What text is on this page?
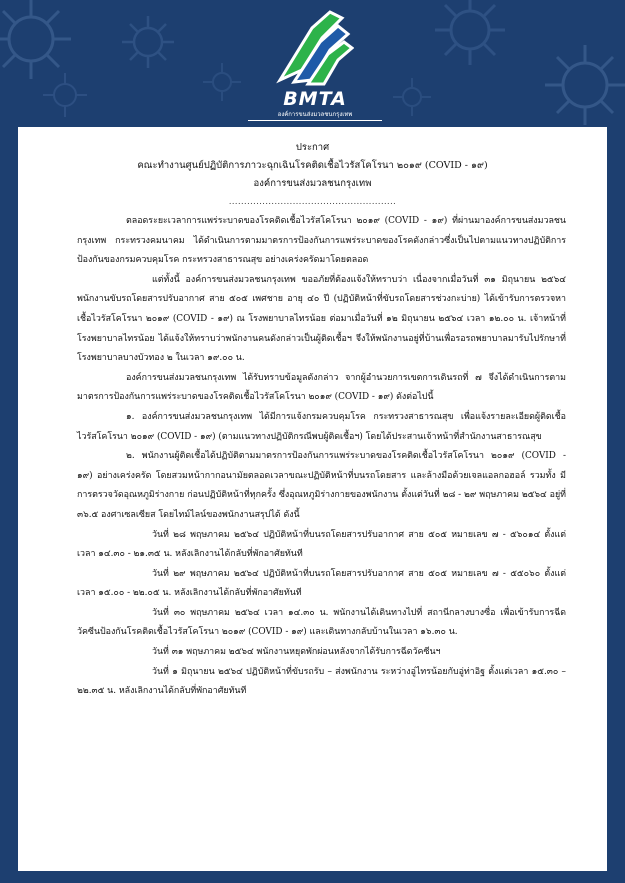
BMTA
องค์การขนส่งมวลชนกรุงเทพ
ประกาศ
คณะทำงานศูนย์ปฏิบัติการภาวะฉุกเฉินโรคติดเชื้อไวรัสโคโรนา ๒๐๑๙ (COVID - ๑๙)
องค์การขนส่งมวลชนกรุงเทพ
.......................................................

ตลอดระยะเวลาการแพร่ระบาดของโรคติดเชื้อไวรัสโคโรนา ๒๐๑๙ (COVID - ๑๙) ที่ผ่านมาองค์การขนส่งมวลชนกรุงเทพ กระทรวงคมนาคม ได้ดำเนินการตามมาตรการป้องกันการแพร่ระบาดของโรคดังกล่าวซึ่งเป็นไปตามแนวทางปฏิบัติการป้องกันของกรมควบคุมโรค กระทรวงสาธารณสุข อย่างเคร่งครัดมาโดยตลอด

แต่ทั้งนี้ องค์การขนส่งมวลชนกรุงเทพ ขออภัยที่ต้องแจ้งให้ทราบว่า เนื่องจากเมื่อวันที่ ๓๑ มิถุนายน ๒๕๖๔ พนักงานขับรถโดยสารปรับอากาศ สาย ๕๐๕ เพศชาย อายุ ๔๐ ปี (ปฏิบัติหน้าที่ขับรถโดยสารช่วงกะบ่าย) ได้เข้ารับการตรวจหาเชื้อไวรัสโคโรนา ๒๐๑๙ (COVID - ๑๙) ณ โรงพยาบาลไทรน้อย ต่อมาเมื่อวันที่ ๑๒ มิถุนายน ๒๕๖๔ เวลา ๑๒.๐๐ น. เจ้าหน้าที่โรงพยาบาลไทรน้อย ได้แจ้งให้ทราบว่าพนักงานคนดังกล่าวเป็นผู้ติดเชื้อฯ จึงให้พนักงานอยู่ที่บ้านเพื่อรอรถพยาบาลมารับไปรักษาที่ โรงพยาบาลบางบัวทอง ๒ ในเวลา ๑๙.๐๐ น.

องค์การขนส่งมวลชนกรุงเทพ ได้รับทราบข้อมูลดังกล่าว จากผู้อำนวยการเขตการเดินรถที่ ๗ จึงได้ดำเนินการตามมาตรการป้องกันการแพร่ระบาดของโรคติดเชื้อไวรัสโคโรนา ๒๐๑๙ (COVID - ๑๙) ดังต่อไปนี้

๑. องค์การขนส่งมวลชนกรุงเทพ ได้มีการแจ้งกรมควบคุมโรค กระทรวงสาธารณสุข เพื่อแจ้งรายละเอียดผู้ติดเชื้อไวรัสโคโรนา ๒๐๑๙ (COVID - ๑๙) (ตามแนวทางปฏิบัติกรณีพบผู้ติดเชื้อฯ) โดยได้ประสานเจ้าหน้าที่สำนักงานสาธารณสุข

๒. พนักงานผู้ติดเชื้อได้ปฏิบัติตามมาตรการป้องกันการแพร่ระบาดของโรคติดเชื้อไวรัสโคโรนา ๒๐๑๙ (COVID - ๑๙) อย่างเคร่งครัด โดยสวมหน้ากากอนามัยตลอดเวลาขณะปฏิบัติหน้าที่บนรถโดยสาร และล้างมือด้วยเจลแอลกอฮอล์ รวมทั้ง มีการตรวจวัดอุณหภูมิร่างกาย ก่อนปฏิบัติหน้าที่ทุกครั้ง ซึ่งอุณหภูมิร่างกายของพนักงาน ตั้งแต่วันที่ ๒๘ - ๒๙ พฤษภาคม ๒๕๖๔ อยู่ที่ ๓๖.๕ องศาเซลเซียส โดยไทม์ไลน์ของพนักงานสรุปได้ ดังนี้

วันที่ ๒๘ พฤษภาคม ๒๕๖๔ ปฏิบัติหน้าที่บนรถโดยสารปรับอากาศ สาย ๕๐๕ หมายเลข ๗ - ๕๖๐๑๔ ตั้งแต่เวลา ๑๔.๓๐ - ๒๑.๓๕ น. หลังเลิกงานได้กลับที่พักอาศัยทันที

วันที่ ๒๙ พฤษภาคม ๒๕๖๔ ปฏิบัติหน้าที่บนรถโดยสารปรับอากาศ สาย ๕๐๕ หมายเลข ๗ - ๕๕๐๖๐ ตั้งแต่เวลา ๑๕.๐๐ - ๒๒.๐๕ น. หลังเลิกงานได้กลับที่พักอาศัยทันที

วันที่ ๓๐ พฤษภาคม ๒๕๖๔ เวลา ๑๔.๓๐ น. พนักงานได้เดินทางไปที่ สถานีกลางบางซื่อ เพื่อเข้ารับการฉีดวัคซีนป้องกันโรคติดเชื้อไวรัสโคโรนา ๒๐๑๙ (COVID - ๑๙) และเดินทางกลับบ้านในเวลา ๑๖.๓๐ น.

วันที่ ๓๑ พฤษภาคม ๒๕๖๔ พนักงานหยุดพักผ่อนหลังจากได้รับการฉีดวัคซีนฯ

วันที่ ๑ มิถุนายน ๒๕๖๔ ปฏิบัติหน้าที่ขับรถรับ – ส่งพนักงาน ระหว่างอู่ไทรน้อยกับอู่ท่าอิฐ ตั้งแต่เวลา ๑๕.๓๐ – ๒๒.๓๕ น. หลังเลิกงานได้กลับที่พักอาศัยทันที
